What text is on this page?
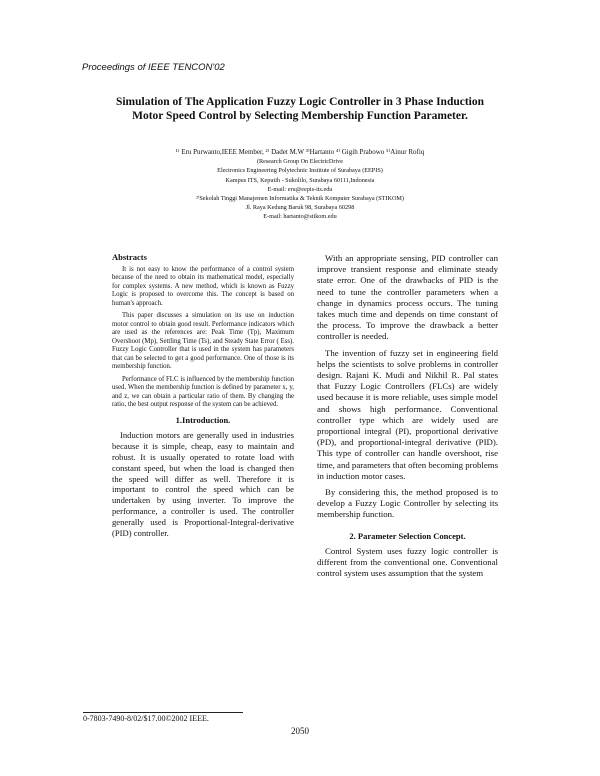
Proceedings of IEEE TENCON'02
Simulation of The Application Fuzzy Logic Controller in 3 Phase Induction Motor Speed Control by Selecting Membership Function Parameter.
¹⁾ Eru Purwanto,IEEE Member, ²⁾ Dadet M.W ³⁾Hartanto ⁴⁾ Gigih Prabowo ⁵⁾Ainur Rofiq
(Research Group On ElectricDrive
Electronics Engineering Polytechnic Institute of Surabaya (EEPIS)
Kampus ITS, Keputih - Sukolilo, Surabaya 60111,Indonesia
E-mail: eru@eepis-its.edu
²⁾Sekolah Tinggi Manajemen Informatika & Teknik Komputer Surabaya (STIKOM)
Jl. Raya Kedung Baruk 98, Surabaya 60298
E-mail: hartanto@stikom.edu
Abstracts

It is not easy to know the performance of a control system because of the need to obtain its mathematical model, especially for complex systems. A new method, which is known as Fuzzy Logic is proposed to overcome this. The concept is based on human's approach.

This paper discusses a simulation on its use on induction motor control to obtain good result. Performance indicators which are used as the references are: Peak Time (Tp), Maximum Overshoot (Mp), Settling Time (Ts), and Steady State Error ( Ess). Fuzzy Logic Controller that is used in the system has parameters that can be selected to get a good performance. One of those is its membership function.

Performance of FLC is influenced by the membership function used. When the membership function is defined by parameter x, y, and z, we can obtain a particular ratio of them. By changing the ratio, the best output response of the system can be achieved.

1.Introduction.

Induction motors are generally used in industries because it is simple, cheap, easy to maintain and robust. It is usually operated to rotate load with constant speed, but when the load is changed then the speed will differ as well. Therefore it is important to control the speed which can be undertaken by using inverter. To improve the performance, a controller is used. The controller generally used is Proportional-Integral-derivative (PID) controller.

With an appropriate sensing, PID controller can improve transient response and eliminate steady state error. One of the drawbacks of PID is the need to tune the controller parameters when a change in dynamics process occurs. The tuning takes much time and depends on time constant of the process. To improve the drawback a better controller is needed.

The invention of fuzzy set in engineering field helps the scientists to solve problems in controller design. Rajani K. Mudi and Nikhil R. Pal states that Fuzzy Logic Controllers (FLCs) are widely used because it is more reliable, uses simple model and shows high performance. Conventional controller type which are widely used are proportional integral (PI), proportional derivative (PD), and proportional-integral derivative (PID). This type of controller can handle overshoot, rise time, and parameters that often becoming problems in induction motor cases.

By considering this, the method proposed is to develop a Fuzzy Logic Controller by selecting its membership function.

2. Parameter Selection Concept.

Control System uses fuzzy logic controller is different from the conventional one. Conventional control system uses assumption that the system

0-7803-7490-8/02/$17.00©2002 IEEE.
2050
